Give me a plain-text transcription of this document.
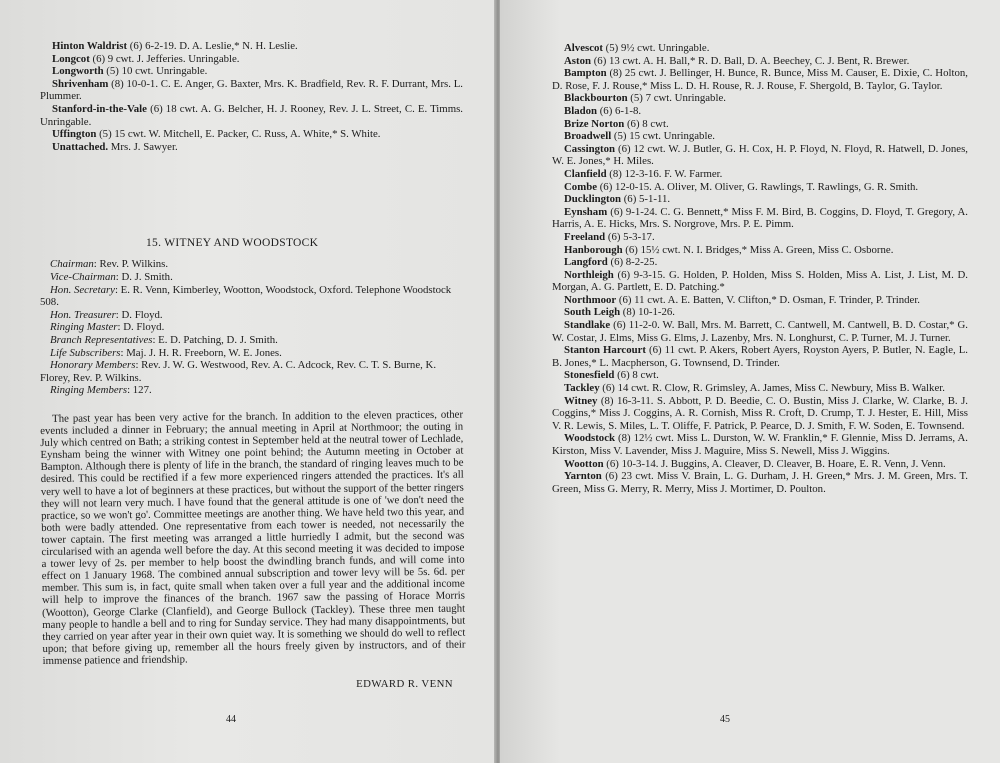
Hinton Waldrist (6) 6-2-19. D. A. Leslie,* N. H. Leslie.

Longcot (6) 9 cwt. J. Jefferies. Unringable.

Longworth (5) 10 cwt. Unringable.

Shrivenham (8) 10-0-1. C. E. Anger, G. Baxter, Mrs. K. Bradfield, Rev. R. F. Durrant, Mrs. L. Plummer.

Stanford-in-the-Vale (6) 18 cwt. A. G. Belcher, H. J. Rooney, Rev. J. L. Street, C. E. Timms. Unringable.

Uffington (5) 15 cwt. W. Mitchell, E. Packer, C. Russ, A. White,* S. White.

Unattached. Mrs. J. Sawyer.

15. WITNEY AND WOODSTOCK

Chairman: Rev. P. Wilkins.

Vice-Chairman: D. J. Smith.

Hon. Secretary: E. R. Venn, Kimberley, Wootton, Woodstock, Oxford. Telephone Woodstock 508.

Hon. Treasurer: D. Floyd.

Ringing Master: D. Floyd.

Branch Representatives: E. D. Patching, D. J. Smith.

Life Subscribers: Maj. J. H. R. Freeborn, W. E. Jones.

Honorary Members: Rev. J. W. G. Westwood, Rev. A. C. Adcock, Rev. C. T. S. Burne, K. Florey, Rev. P. Wilkins.

Ringing Members: 127.

The past year has been very active for the branch. In addition to the eleven practices, other events included a dinner in February; the annual meeting in April at Northmoor; the outing in July which centred on Bath; a striking contest in September held at the neutral tower of Lechlade, Eynsham being the winner with Witney one point behind; the Autumn meeting in October at Bampton. Although there is plenty of life in the branch, the standard of ringing leaves much to be desired. This could be rectified if a few more experienced ringers attended the practices. It's all very well to have a lot of beginners at these practices, but without the support of the better ringers they will not learn very much. I have found that the general attitude is one of 'we don't need the practice, so we won't go'. Committee meetings are another thing. We have held two this year, and both were badly attended. One representative from each tower is needed, not necessarily the tower captain. The first meeting was arranged a little hurriedly I admit, but the second was circularised with an agenda well before the day. At this second meeting it was decided to impose a tower levy of 2s. per member to help boost the dwindling branch funds, and will come into effect on 1 January 1968. The combined annual subscription and tower levy will be 5s. 6d. per member. This sum is, in fact, quite small when taken over a full year and the additional income will help to improve the finances of the branch. 1967 saw the passing of Horace Morris (Wootton), George Clarke (Clanfield), and George Bullock (Tackley). These three men taught many people to handle a bell and to ring for Sunday service. They had many disappointments, but they carried on year after year in their own quiet way. It is something we should do well to reflect upon; that before giving up, remember all the hours freely given by instructors, and of their immense patience and friendship.

EDWARD R. VENN

44

Alvescot (5) 9½ cwt. Unringable.

Aston (6) 13 cwt. A. H. Ball,* R. D. Ball, D. A. Beechey, C. J. Bent, R. Brewer.

Bampton (8) 25 cwt. J. Bellinger, H. Bunce, R. Bunce, Miss M. Causer, E. Dixie, C. Holton, D. Rose, F. J. Rouse,* Miss L. D. H. Rouse, R. J. Rouse, F. Shergold, B. Taylor, G. Taylor.

Blackbourton (5) 7 cwt. Unringable.

Bladon (6) 6-1-8.

Brize Norton (6) 8 cwt.

Broadwell (5) 15 cwt. Unringable.

Cassington (6) 12 cwt. W. J. Butler, G. H. Cox, H. P. Floyd, N. Floyd, R. Hatwell, D. Jones, W. E. Jones,* H. Miles.

Clanfield (8) 12-3-16. F. W. Farmer.

Combe (6) 12-0-15. A. Oliver, M. Oliver, G. Rawlings, T. Rawlings, G. R. Smith.

Ducklington (6) 5-1-11.

Eynsham (6) 9-1-24. C. G. Bennett,* Miss F. M. Bird, B. Coggins, D. Floyd, T. Gregory, A. Harris, A. E. Hicks, Mrs. S. Norgrove, Mrs. P. E. Pimm.

Freeland (6) 5-3-17.

Hanborough (6) 15½ cwt. N. I. Bridges,* Miss A. Green, Miss C. Osborne.

Langford (6) 8-2-25.

Northleigh (6) 9-3-15. G. Holden, P. Holden, Miss S. Holden, Miss A. List, J. List, M. D. Morgan, A. G. Partlett, E. D. Patching.*

Northmoor (6) 11 cwt. A. E. Batten, V. Clifton,* D. Osman, F. Trinder, P. Trinder.

South Leigh (8) 10-1-26.

Standlake (6) 11-2-0. W. Ball, Mrs. M. Barrett, C. Cantwell, M. Cantwell, B. D. Costar,* G. W. Costar, J. Elms, Miss G. Elms, J. Lazenby, Mrs. N. Longhurst, C. P. Turner, M. J. Turner.

Stanton Harcourt (6) 11 cwt. P. Akers, Robert Ayers, Royston Ayers, P. Butler, N. Eagle, L. B. Jones,* L. Macpherson, G. Townsend, D. Trinder.

Stonesfield (6) 8 cwt.

Tackley (6) 14 cwt. R. Clow, R. Grimsley, A. James, Miss C. Newbury, Miss B. Walker.

Witney (8) 16-3-11. S. Abbott, P. D. Beedie, C. O. Bustin, Miss J. Clarke, W. Clarke, B. J. Coggins,* Miss J. Coggins, A. R. Cornish, Miss R. Croft, D. Crump, T. J. Hester, E. Hill, Miss V. R. Lewis, S. Miles, L. T. Oliffe, F. Patrick, P. Pearce, D. J. Smith, F. W. Soden, E. Townsend.

Woodstock (8) 12½ cwt. Miss L. Durston, W. W. Franklin,* F. Glennie, Miss D. Jerrams, A. Kirston, Miss V. Lavender, Miss J. Maguire, Miss S. Newell, Miss J. Wiggins.

Wootton (6) 10-3-14. J. Buggins, A. Cleaver, D. Cleaver, B. Hoare, E. R. Venn, J. Venn.

Yarnton (6) 23 cwt. Miss V. Brain, L. G. Durham, J. H. Green,* Mrs. J. M. Green, Mrs. T. Green, Miss G. Merry, R. Merry, Miss J. Mortimer, D. Poulton.

45
